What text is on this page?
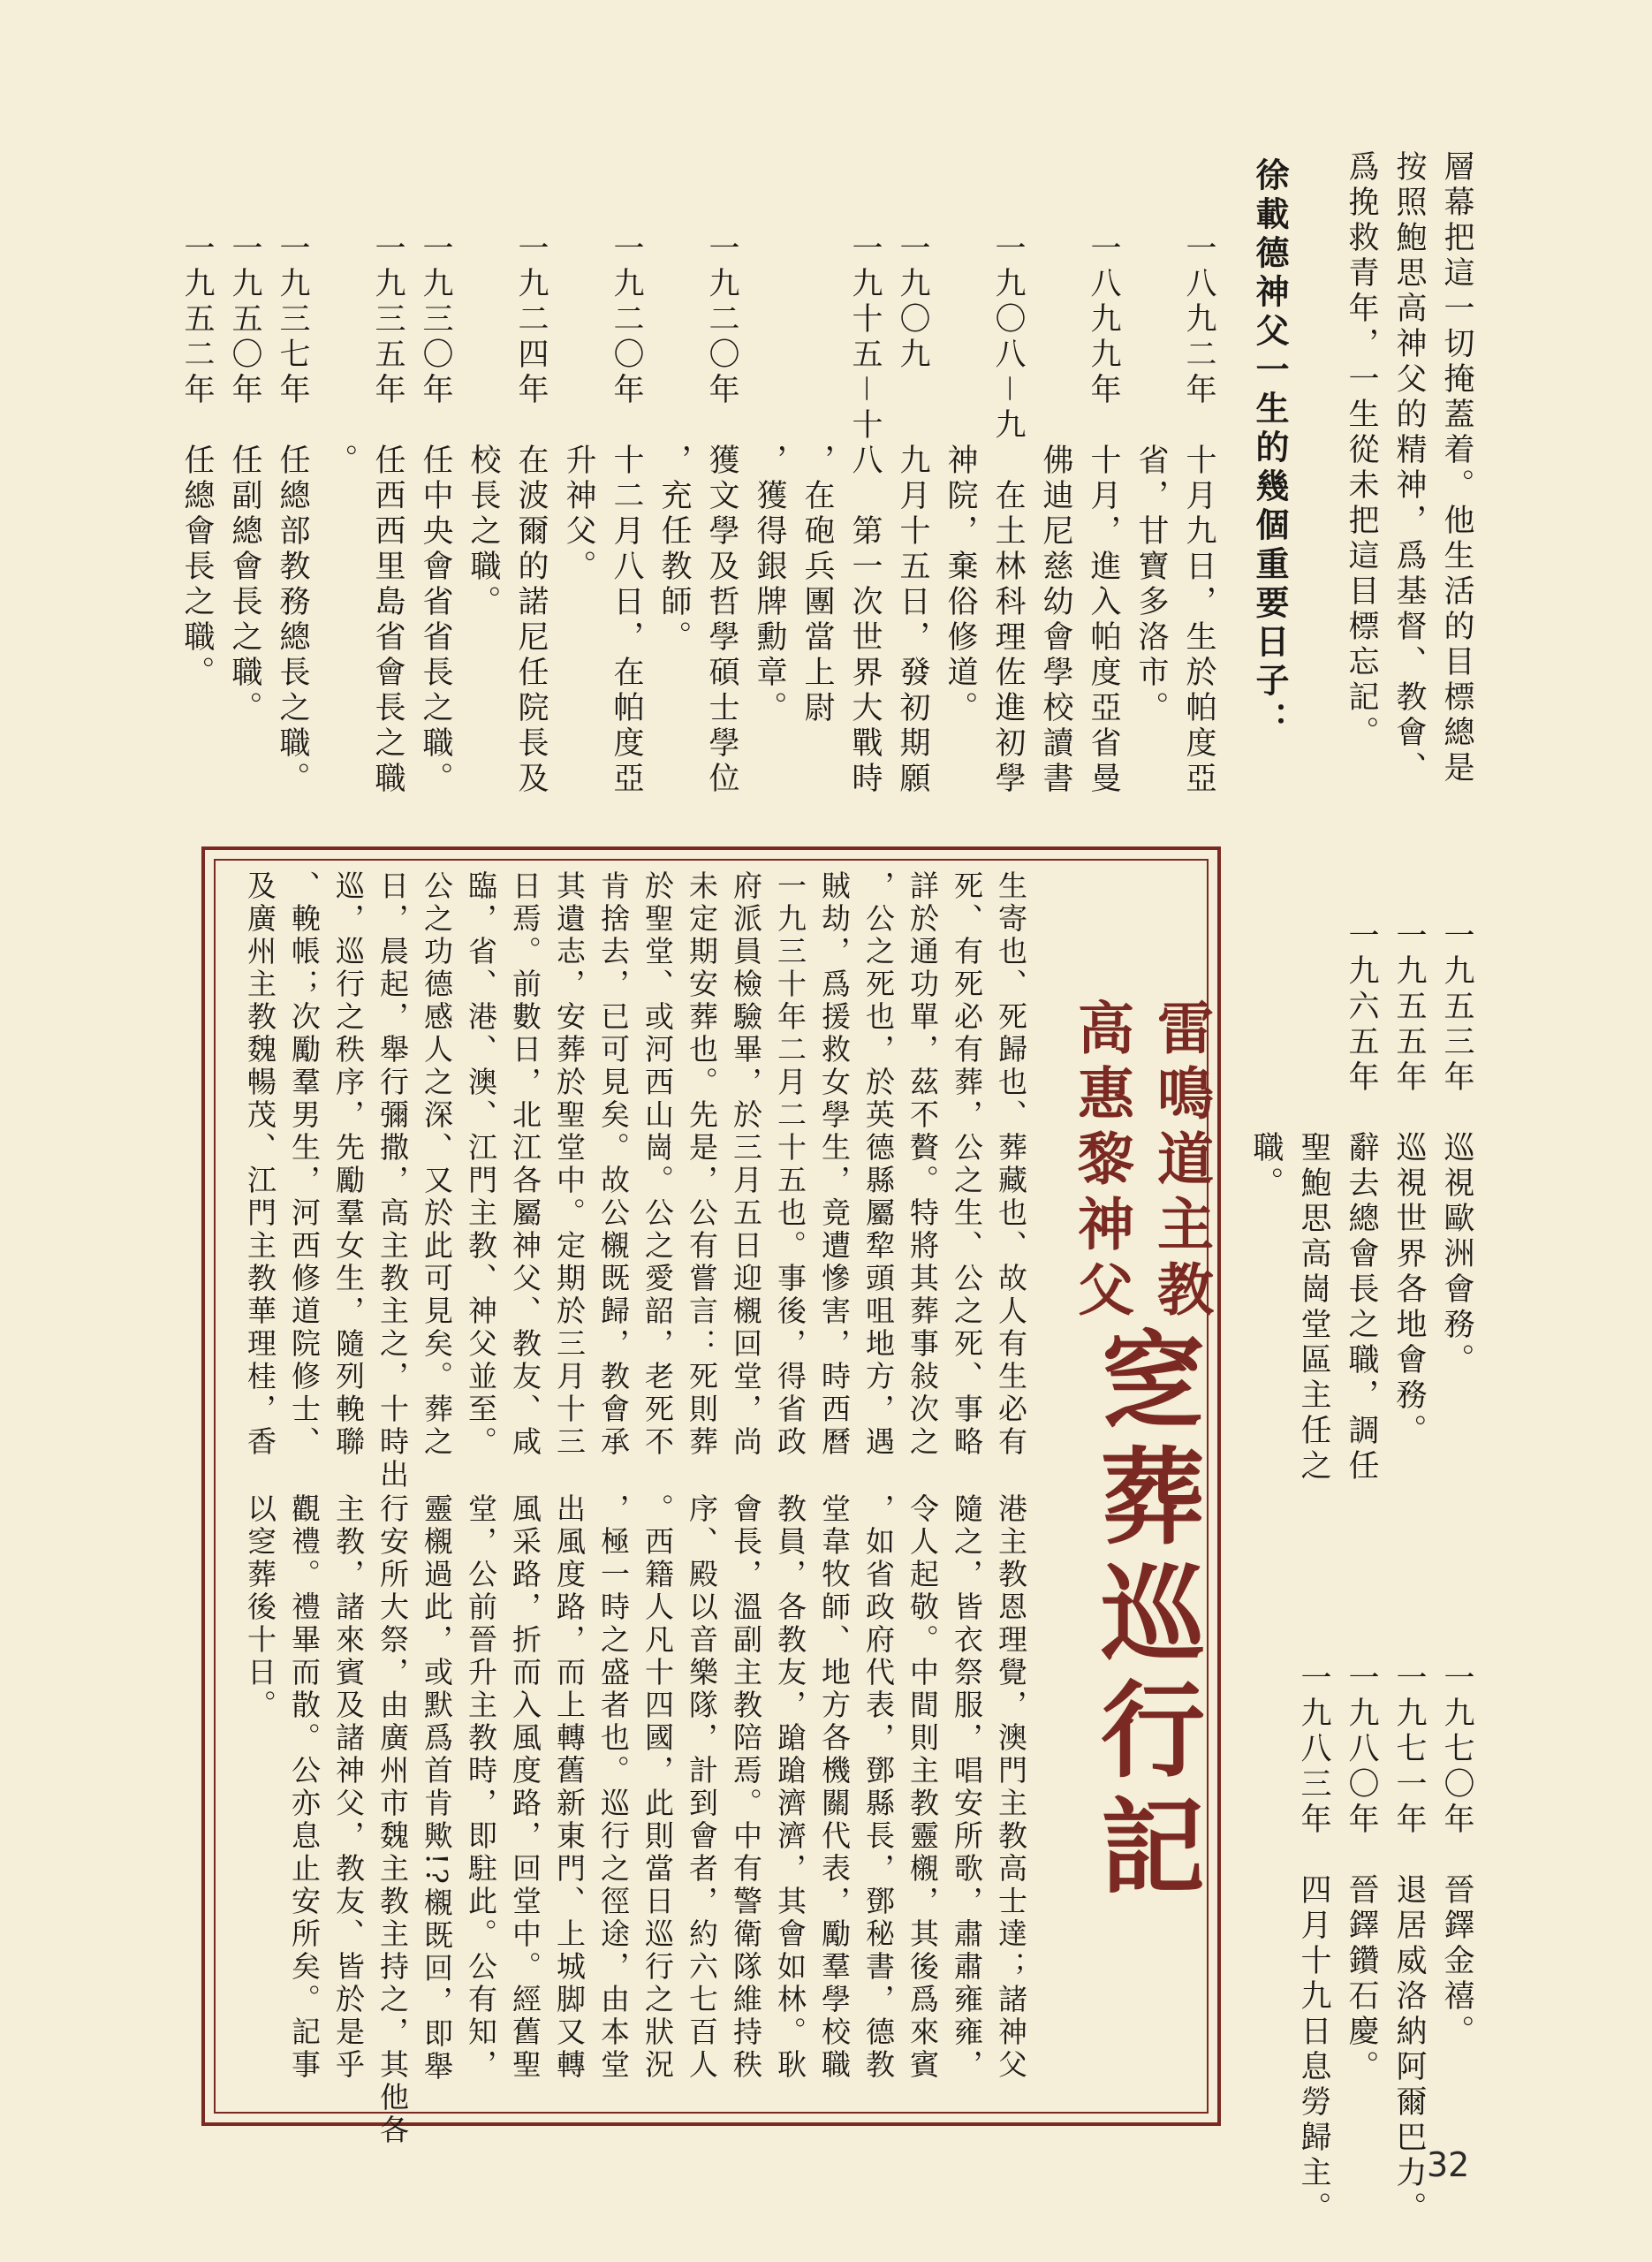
層幕把這一切掩蓋着。他生活的目標總是
按照鮑思高神父的精神，爲基督、教會、
爲挽救青年，一生從未把這目標忘記。
徐載德神父一生的幾個重要日子：
一八九二年　十月九日，生於帕度亞
　　　　　　省，甘寶多洛市。
一八九九年　十月，進入帕度亞省曼
　　　　　　佛迪尼慈幼會學校讀書
一九〇八－九　在土林科理佐進初學
　　　　　　神院，棄俗修道。
一九〇九　　九月十五日，發初期願
一九十五－十八　第一次世界大戰時
　　　　　　，在砲兵團當上尉
　　　　　　，獲得銀牌勳章。
一九二〇年　獲文學及哲學碩士學位
　　　　　　，充任教師。
一九二〇年　十二月八日，在帕度亞
　　　　　　升神父。
一九二四年　在波爾的諾尼任院長及
　　　　　　校長之職。
一九三〇年　任中央會省省長之職。
一九三五年　任西西里島省會長之職
　　　　　　。
一九三七年　任總部教務總長之職。
一九五〇年　任副總會長之職。
一九五二年　任總會長之職。
一九五三年　巡視歐洲會務。
一九五五年　巡視世界各地會務。
一九六五年　辭去總會長之職，調任
　　　　　　聖鮑思高崗堂區主任之
　　　　　　職。
一九七〇年　晉鐸金禧。
一九七一年　退居威洛納阿爾巴力。
一九八〇年　晉鐸鑽石慶。
一九八三年　四月十九日息勞歸主。
窆葬巡行記
雷鳴道主教
高惠黎神父
生寄也、死歸也、葬藏也、故人有生必有
死、有死必有葬，公之生、公之死、事略
詳於通功單，茲不贅。特將其葬事敍次之
，公之死也，於英德縣屬犂頭咀地方，遇
賊劫，爲援救女學生，竟遭慘害，時西曆
一九三十年二月二十五也。事後，得省政
府派員檢驗畢，於三月五日迎櫬回堂，尚
未定期安葬也。先是，公有嘗言：死則葬
於聖堂、或河西山崗。公之愛韶，老死不
肯捨去，已可見矣。故公櫬既歸，教會承
其遺志，安葬於聖堂中。定期於三月十三
日焉。前數日，北江各屬神父、教友、咸
臨，省、港、澳、江門主教、神父並至。
公之功德感人之深、又於此可見矣。葬之
日，晨起，舉行彌撒，高主教主之，十時出
巡，巡行之秩序，先勵羣女生，隨列輓聯
、輓帳；次勵羣男生，河西修道院修士、
及廣州主教魏暢茂、江門主教華理桂，香
港主教恩理覺，澳門主教高士達；諸神父
隨之，皆衣祭服，唱安所歌，肅肅雍雍，
令人起敬。中間則主教靈櫬，其後爲來賓
，如省政府代表，鄧縣長，鄧秘書，德教
堂韋牧師、地方各機關代表，勵羣學校職
教員，各教友，蹌蹌濟濟，其會如林。耿
會長，溫副主教陪焉。中有警衛隊維持秩
序、殿以音樂隊，計到會者，約六七百人
。西籍人凡十四國，此則當日巡行之狀況
，極一時之盛者也。巡行之徑途，由本堂
出風度路，而上轉舊新東門、上城脚又轉
風采路，折而入風度路，回堂中。經舊聖
堂，公前晉升主教時，即駐此。公有知，
靈櫬過此，或默爲首肯歟!?櫬既回，即舉
行安所大祭，由廣州市魏主教主持之，其他各
主教，諸來賓及諸神父，教友、皆於是乎
觀禮。禮畢而散。公亦息止安所矣。記事
以窆葬後十日。
32
